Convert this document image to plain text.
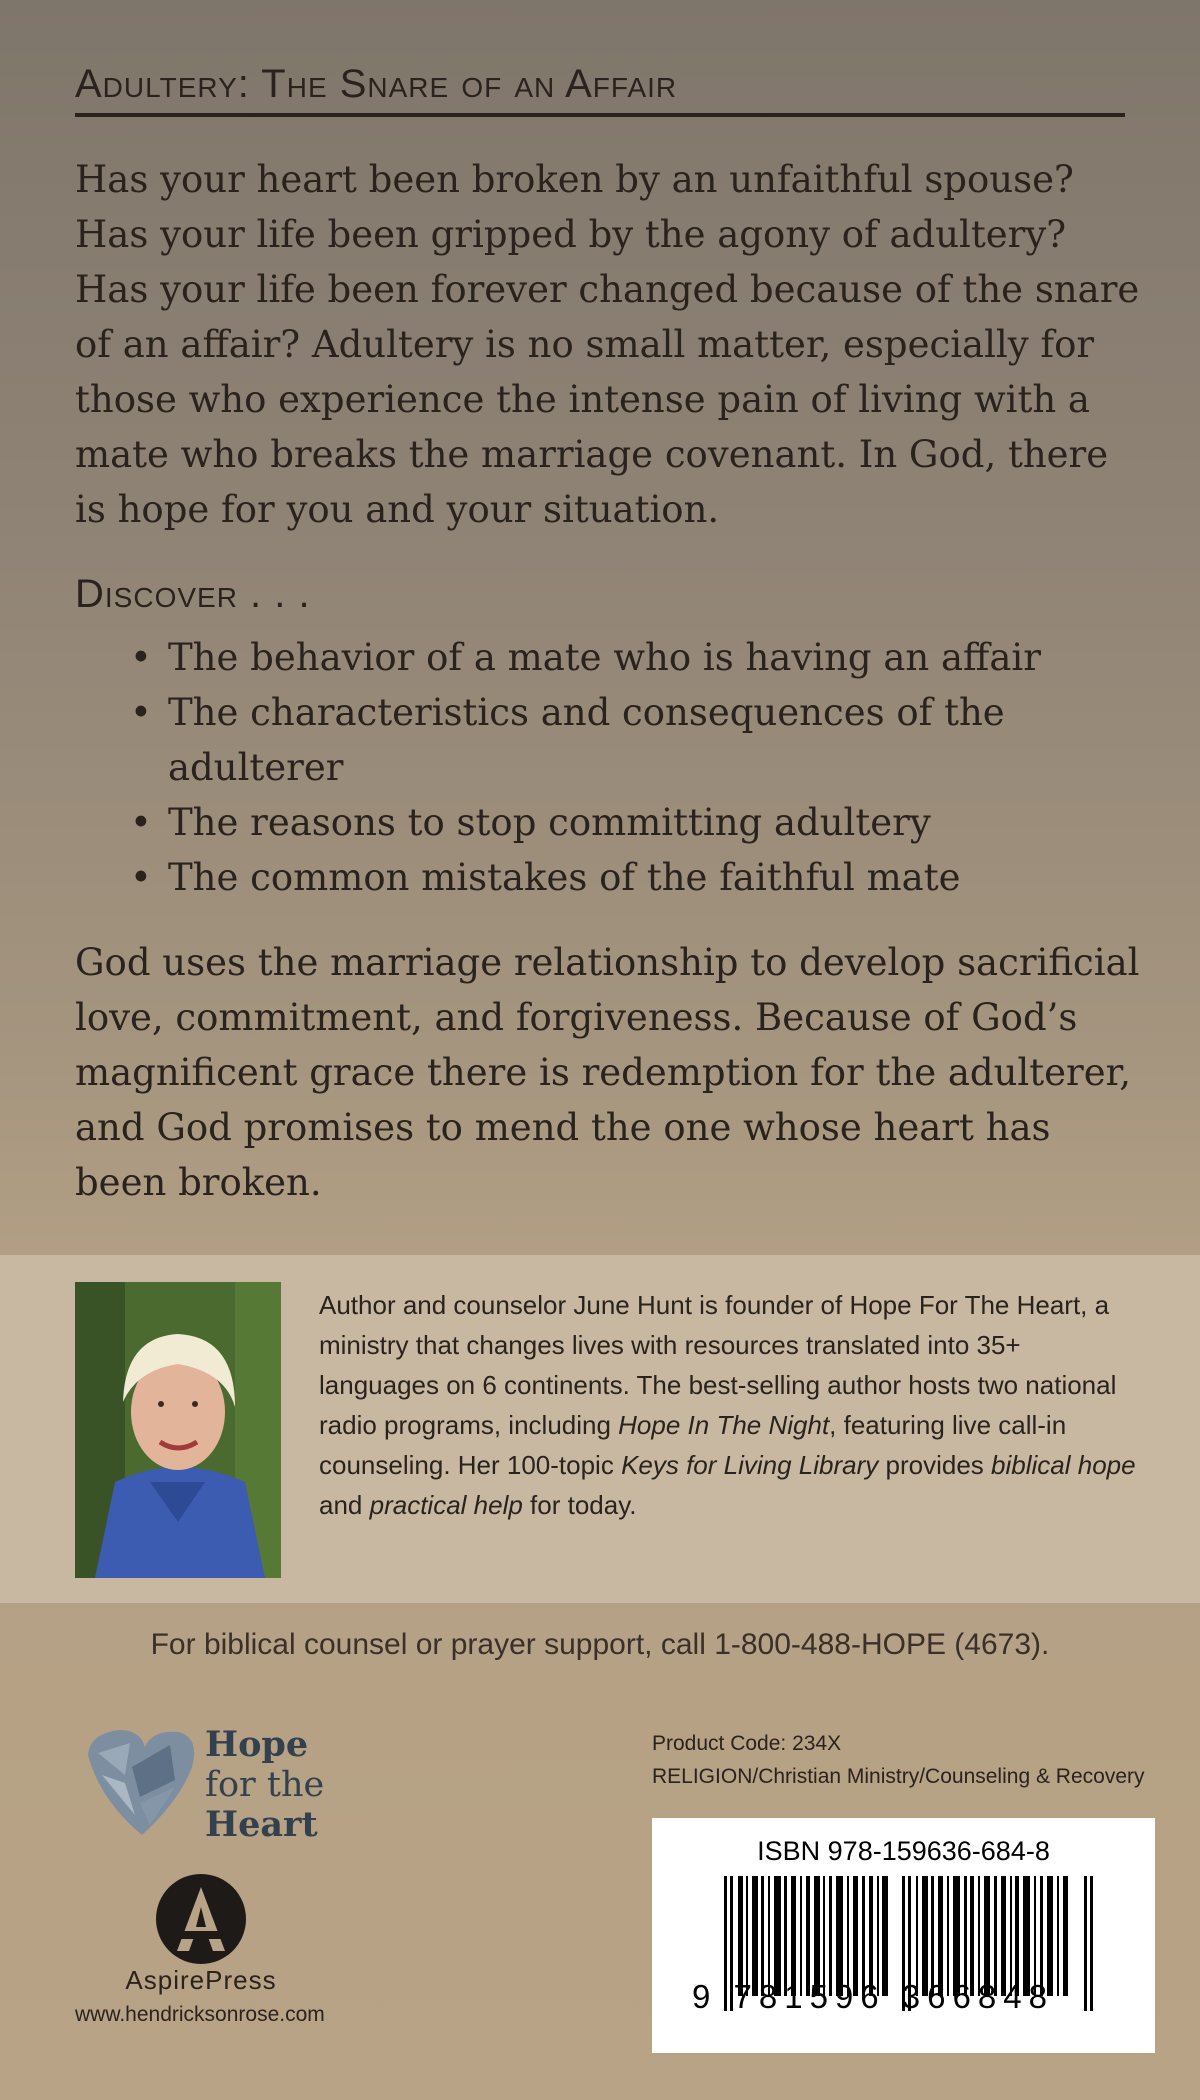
Adultery: The Snare of an Affair

Has your heart been broken by an unfaithful spouse? Has your life been gripped by the agony of adultery? Has your life been forever changed because of the snare of an affair? Adultery is no small matter, especially for those who experience the intense pain of living with a mate who breaks the marriage covenant. In God, there is hope for you and your situation.

Discover . . .
• The behavior of a mate who is having an affair
• The characteristics and consequences of the adulterer
• The reasons to stop committing adultery
• The common mistakes of the faithful mate

God uses the marriage relationship to develop sacrificial love, commitment, and forgiveness. Because of God’s magnificent grace there is redemption for the adulterer, and God promises to mend the one whose heart has been broken.

Author and counselor June Hunt is founder of Hope For The Heart, a ministry that changes lives with resources translated into 35+ languages on 6 continents. The best-selling author hosts two national radio programs, including Hope In The Night, featuring live call-in counseling. Her 100-topic Keys for Living Library provides biblical hope and practical help for today.

For biblical counsel or prayer support, call 1-800-488-HOPE (4673).
Hope
for the
Heart
AspirePress
www.hendricksonrose.com
Product Code: 234X
RELIGION/Christian Ministry/Counseling & Recovery
ISBN 978-159636-684-8
9 781596 366848
